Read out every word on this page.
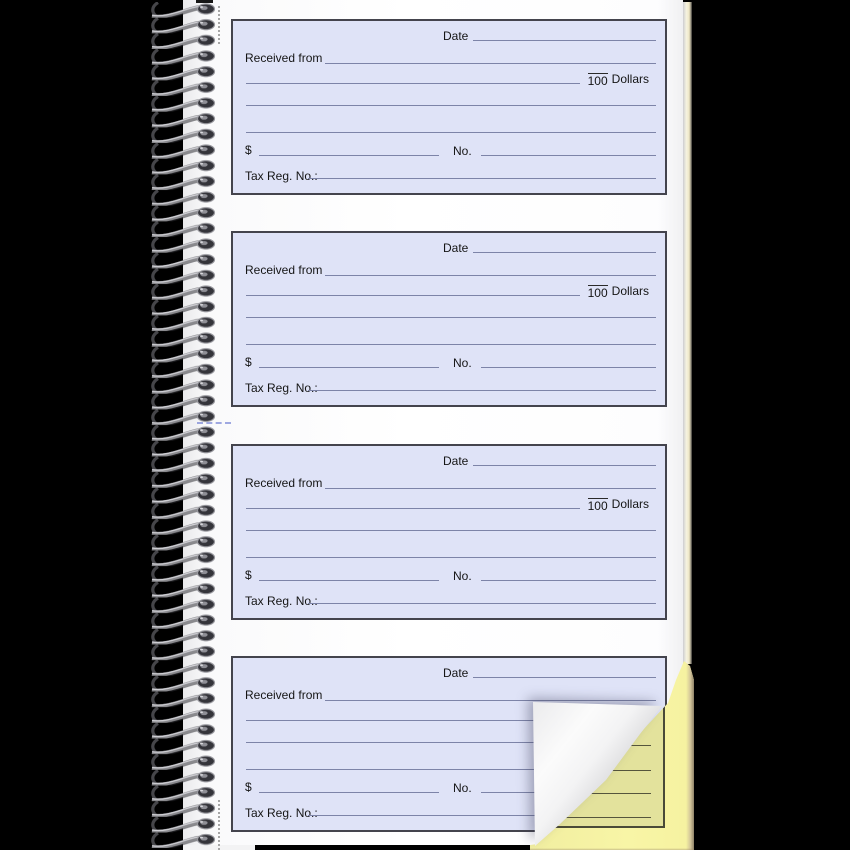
Date
Received from
100 Dollars
$	No.
Tax Reg. No.:
Date
Received from
100 Dollars
$	No.
Tax Reg. No.:
Date
Received from
100 Dollars
$	No.
Tax Reg. No.:
Date
Received from
$	No.
Tax Reg. No.:
